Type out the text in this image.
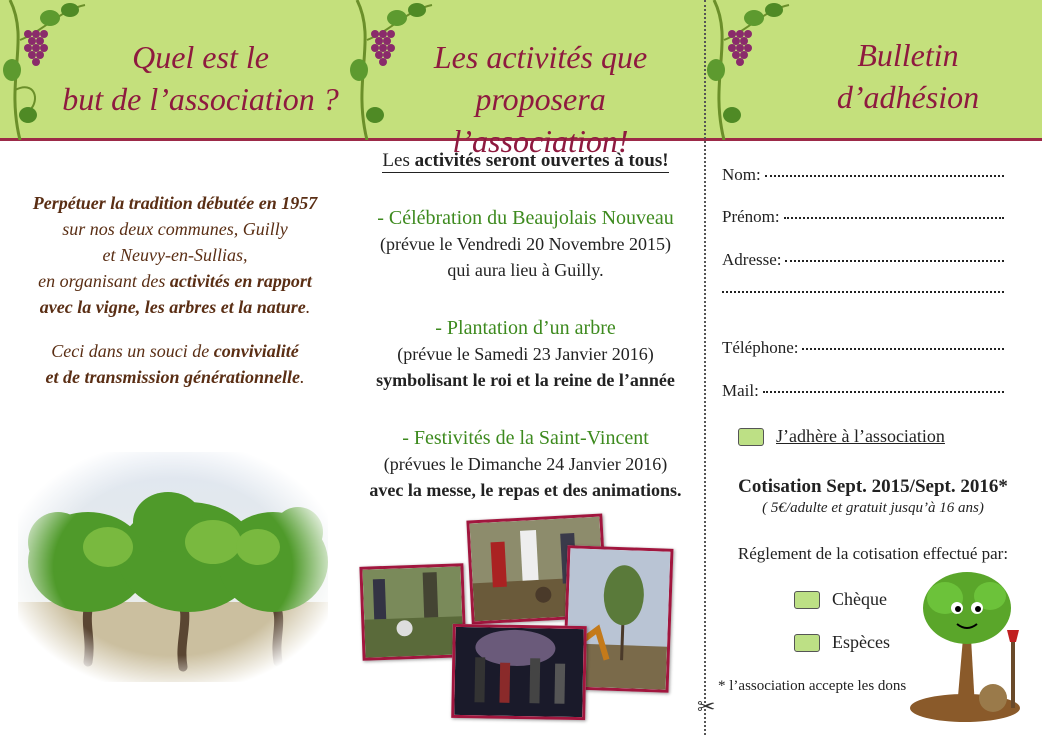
Quel est le
but de l’association ?
Perpétuer la tradition débutée en 1957
sur nos deux communes, Guilly
et Neuvy-en-Sullias,
en organisant des activités en rapport
avec la vigne, les arbres et la nature.
Ceci dans un souci de convivialité
et de transmission générationnelle.
Les activités que
proposera l’association!
Les activités seront ouvertes à tous!
- Célébration du Beaujolais Nouveau
(prévue le Vendredi 20 Novembre 2015)
qui aura lieu à Guilly.
- Plantation d’un arbre
(prévue le Samedi 23 Janvier 2016)
symbolisant le roi et la reine de l’année
- Festivités de la Saint-Vincent
(prévues le Dimanche 24 Janvier 2016)
avec la messe, le repas et des animations.
Bulletin
d’adhésion
Nom:
Prénom:
Adresse:
Téléphone:
Mail:
J’adhère à l’association
Cotisation Sept. 2015/Sept. 2016*
( 5€/adulte et gratuit jusqu’à 16 ans)
Réglement de la cotisation effectué par:
Chèque
Espèces
* l’association accepte les dons
✂
